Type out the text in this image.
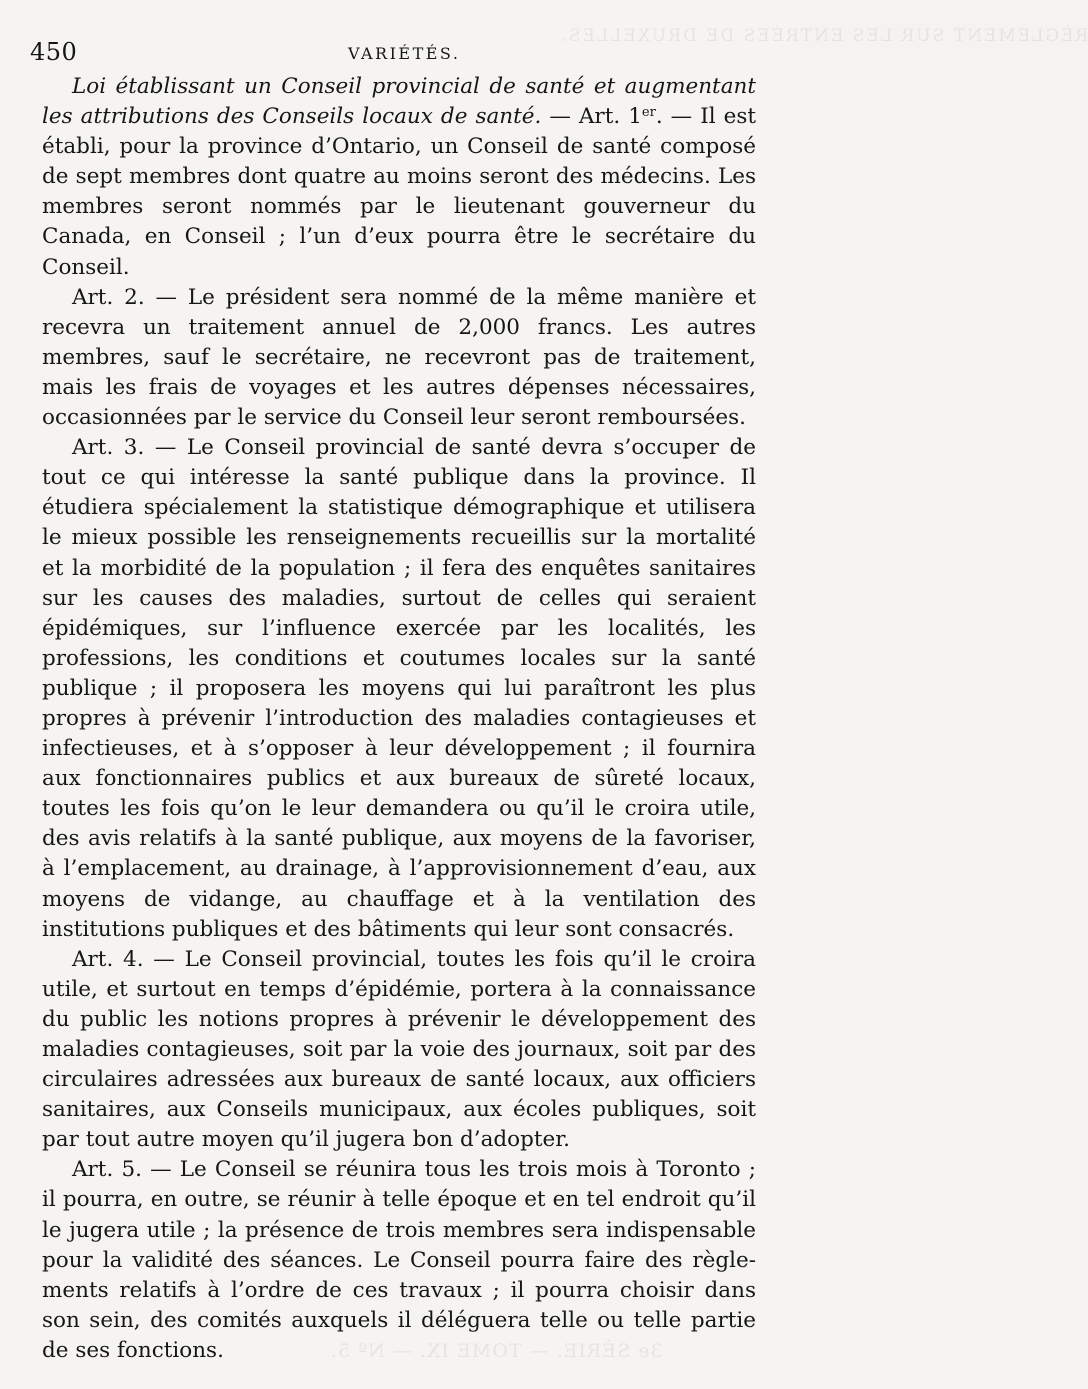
RÈGLEMENT SUR LES ENTRÉES DE DRUXELLES.
3e SÉRIE. — TOME IX. — Nº 5.
450	VARIÉTÉS.

Loi établissant un Conseil provincial de santé et augmentant les attributions des Conseils locaux de santé. — Art. 1er. — Il est établi, pour la province d’Ontario, un Conseil de santé composé de sept membres dont quatre au moins seront des médecins. Les membres seront nommés par le lieutenant gouverneur du Canada, en Conseil ; l’un d’eux pourra être le secrétaire du Conseil.

Art. 2. — Le président sera nommé de la même manière et recevra un traitement annuel de 2,000 francs. Les autres membres, sauf le secrétaire, ne recevront pas de traitement, mais les frais de voyages et les autres dépenses nécessaires, occasionnées par le service du Conseil leur seront remboursées.

Art. 3. — Le Conseil provincial de santé devra s’occuper de tout ce qui intéresse la santé publique dans la province. Il étudiera spécialement la statistique démographique et utilisera le mieux possible les renseignements recueillis sur la mortalité et la morbidité de la population ; il fera des enquêtes sanitaires sur les causes des maladies, surtout de celles qui seraient épidémiques, sur l’influence exercée par les localités, les professions, les conditions et coutumes locales sur la santé publique ; il proposera les moyens qui lui paraîtront les plus propres à prévenir l’introduction des maladies contagieuses et infectieuses, et à s’opposer à leur développement ; il fournira aux fonctionnaires publics et aux bureaux de sûreté locaux, toutes les fois qu’on le leur demandera ou qu’il le croira utile, des avis relatifs à la santé publique, aux moyens de la favoriser, à l’emplacement, au drainage, à l’approvisionnement d’eau, aux moyens de vidange, au chauffage et à la ventilation des institutions publiques et des bâtiments qui leur sont consacrés.

Art. 4. — Le Conseil provincial, toutes les fois qu’il le croira utile, et surtout en temps d’épidémie, portera à la connaissance du public les notions propres à prévenir le développement des maladies contagieuses, soit par la voie des journaux, soit par des circulaires adressées aux bureaux de santé locaux, aux officiers sanitaires, aux Conseils municipaux, aux écoles publiques, soit par tout autre moyen qu’il jugera bon d’adopter.

Art. 5. — Le Conseil se réunira tous les trois mois à Toronto ; il pourra, en outre, se réunir à telle époque et en tel endroit qu’il le jugera utile ; la présence de trois membres sera indispensable pour la validité des séances. Le Conseil pourra faire des règlements relatifs à l’ordre de ces travaux ; il pourra choisir dans son sein, des comités auxquels il déléguera telle ou telle partie de ses fonctions.
